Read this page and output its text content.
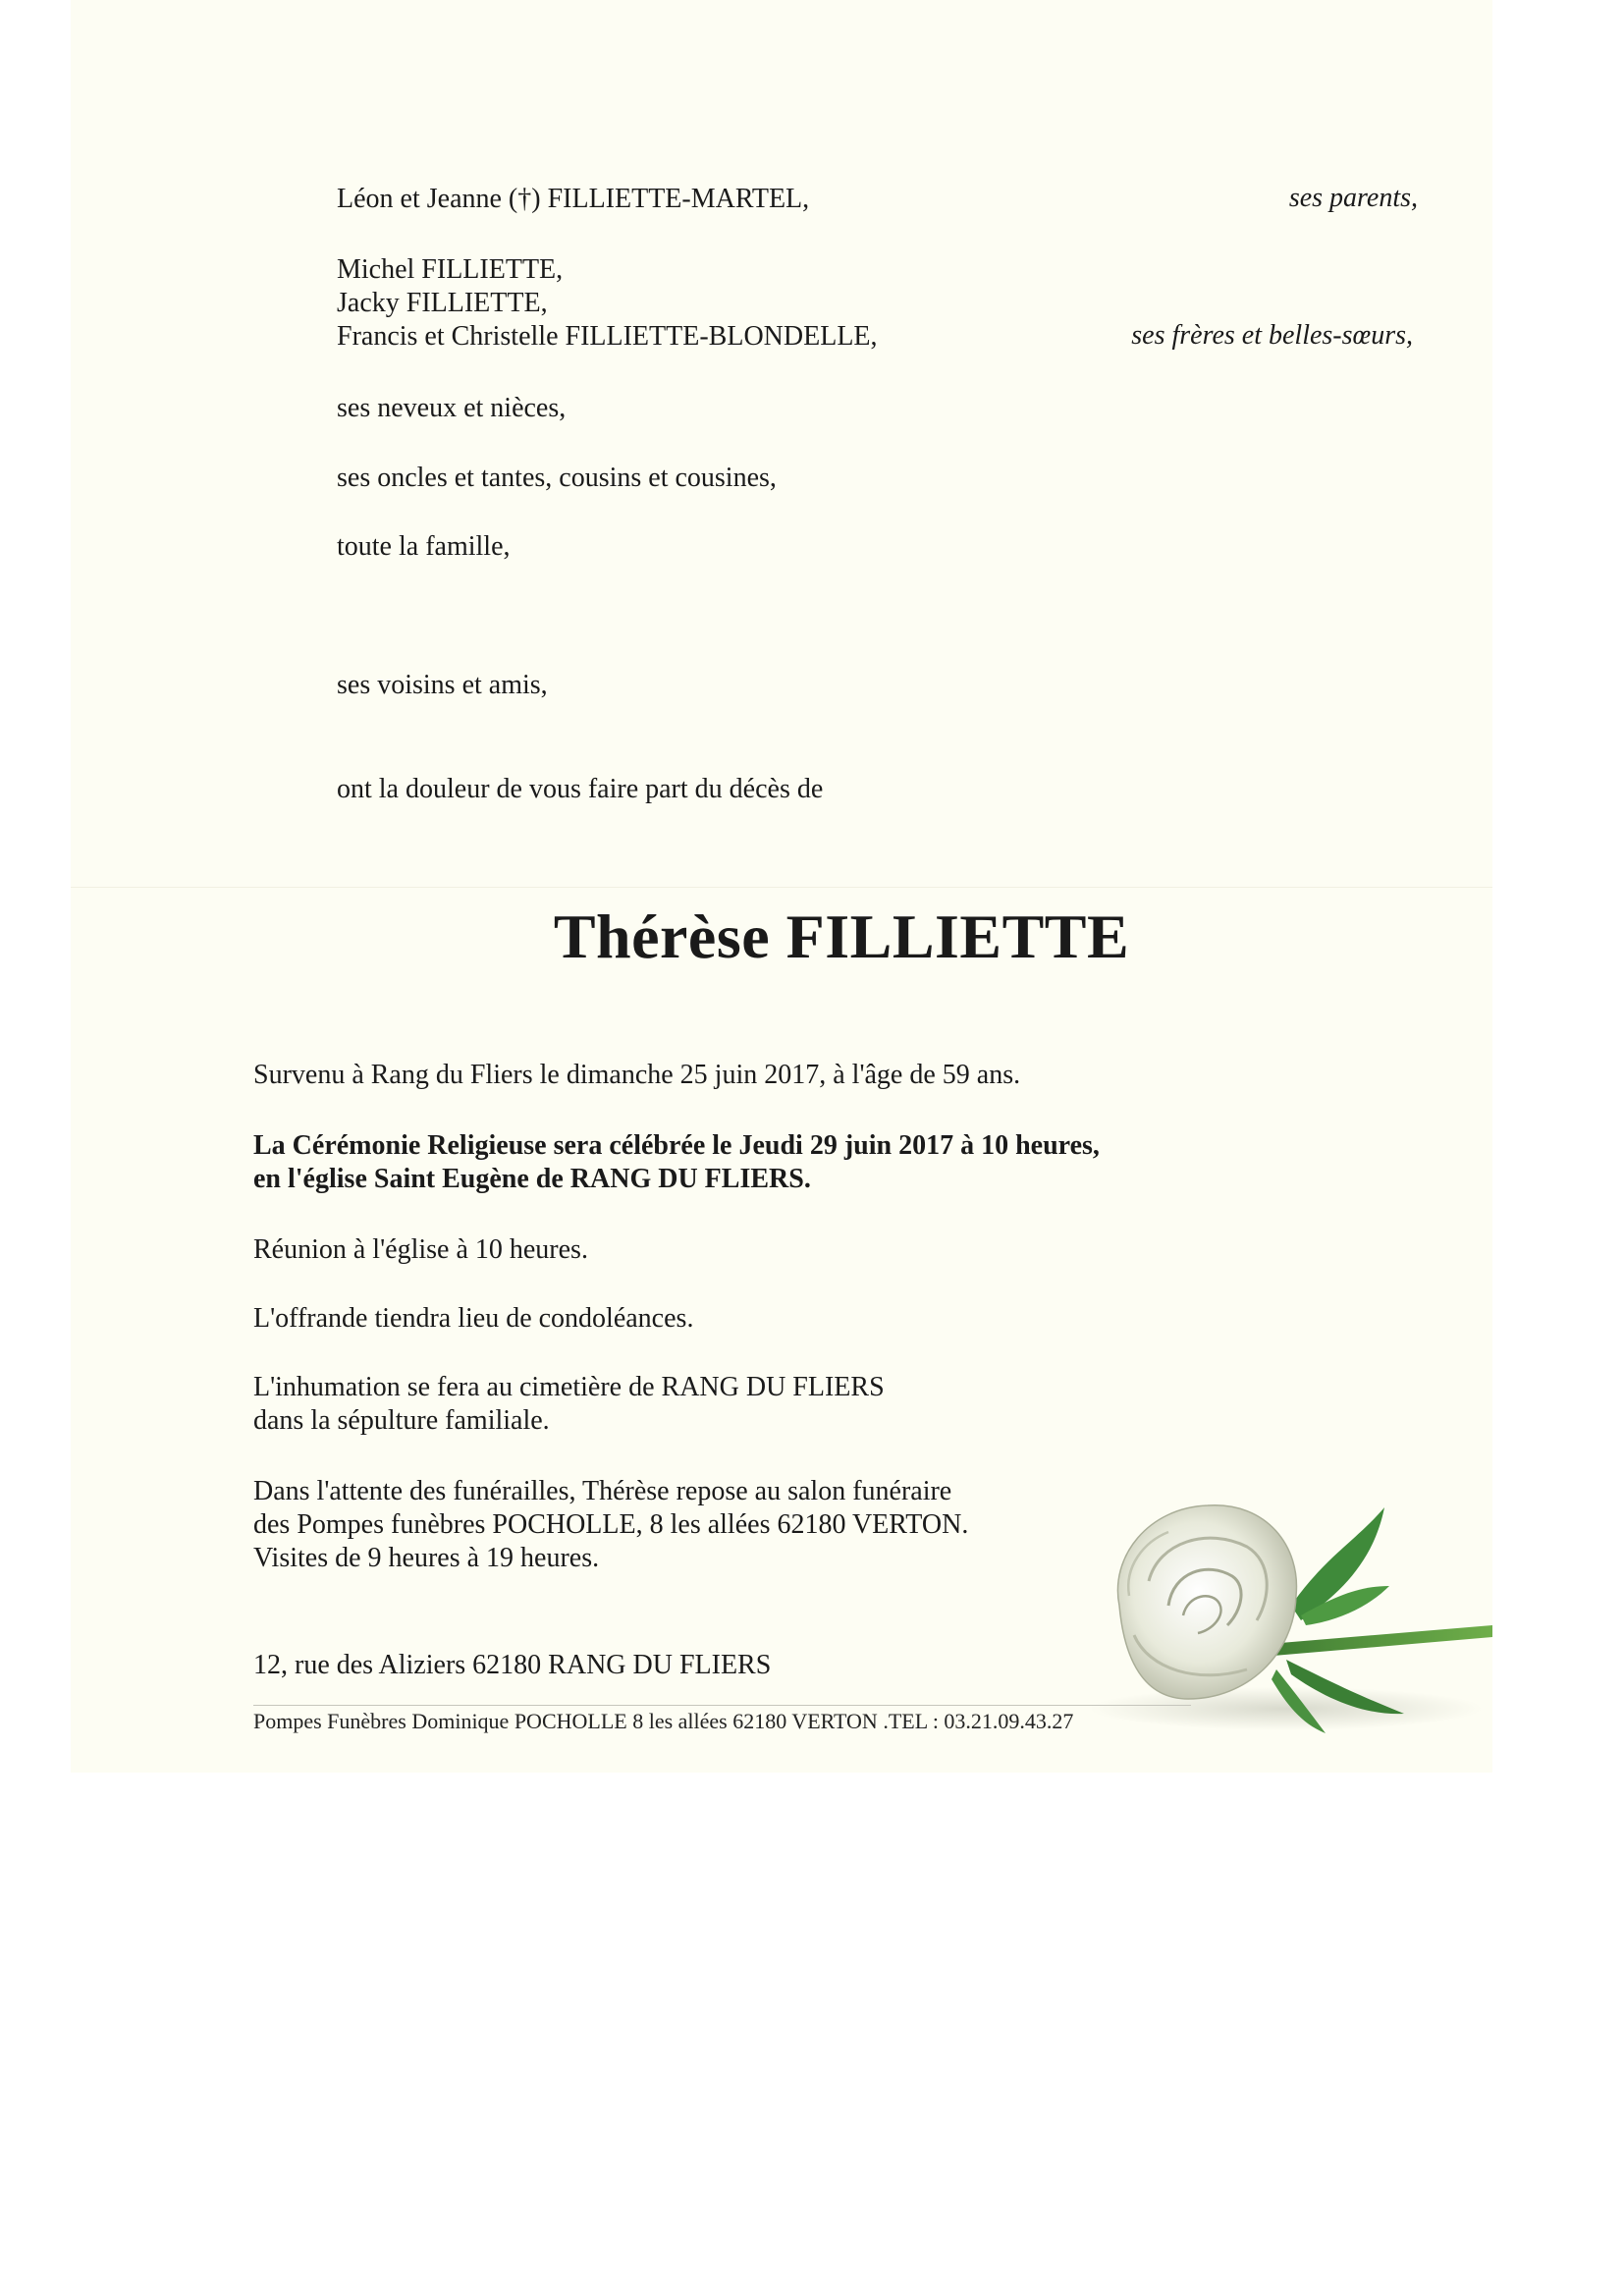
Léon et Jeanne (†) FILLIETTE-MARTEL,	ses parents,
Michel FILLIETTE,
Jacky FILLIETTE,
Francis et Christelle FILLIETTE-BLONDELLE,	ses frères et belles-sœurs,
ses neveux et nièces,
ses oncles et tantes, cousins et cousines,
toute la famille,
ses voisins et amis,
ont la douleur de vous faire part du décès de
Thérèse FILLIETTE
Survenu à Rang du Fliers le dimanche 25 juin 2017, à l'âge de 59 ans.
La Cérémonie Religieuse sera célébrée le Jeudi 29 juin 2017 à 10 heures,
en l'église Saint Eugène de RANG DU FLIERS.
Réunion à l'église à 10 heures.
L'offrande tiendra lieu de condoléances.
L'inhumation se fera au cimetière de RANG DU FLIERS
dans la sépulture familiale.
Dans l'attente des funérailles, Thérèse repose au salon funéraire
des Pompes funèbres POCHOLLE, 8 les allées 62180 VERTON.
Visites de 9 heures à 19 heures.
12, rue des Aliziers 62180 RANG DU FLIERS
Pompes Funèbres Dominique POCHOLLE 8 les allées 62180 VERTON .TEL : 03.21.09.43.27
